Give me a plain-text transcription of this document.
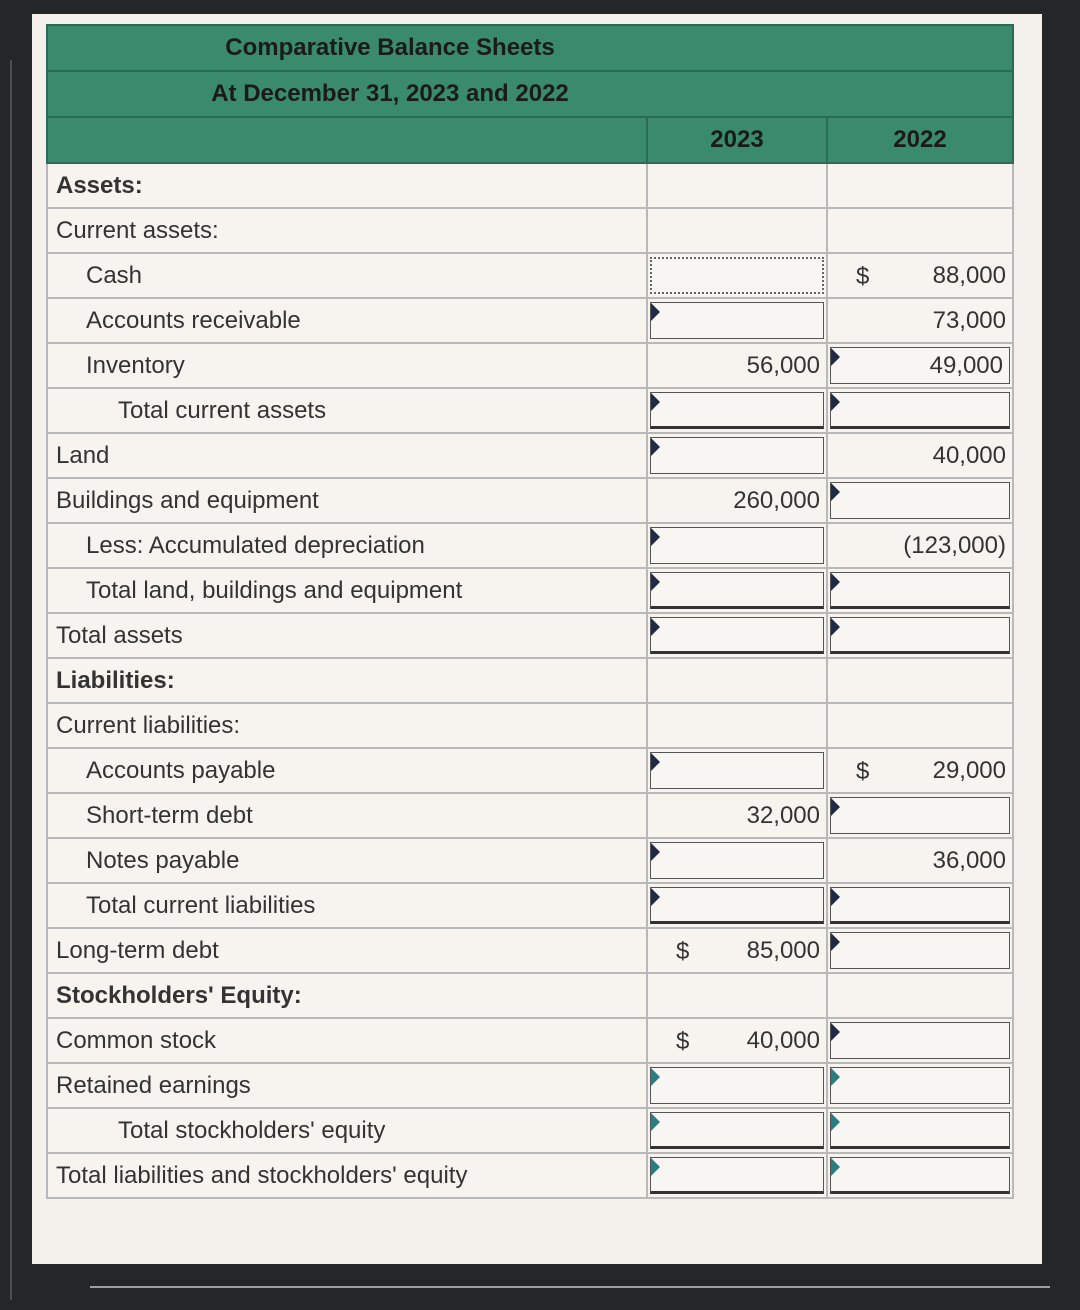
Comparative Balance Sheets		
At December 31, 2023 and 2022		
	2023	2022
Assets:		
Current assets:		
Cash		$ 88,000
Accounts receivable		73,000
Inventory	56,000	49,000

Total current assets	

Land		40,000
Buildings and equipment	260,000	

Less: Accumulated depreciation		(123,000)
Total land, buildings and equipment	

Total assets	

Liabilities:		
Current liabilities:		
Accounts payable		$ 29,000
Short-term debt	32,000	

Notes payable		36,000
Total current liabilities	

Long-term debt	$ 85,000	

Stockholders' Equity:		
Common stock	$ 40,000	

Retained earnings	

Total stockholders' equity	

Total liabilities and stockholders' equity	
